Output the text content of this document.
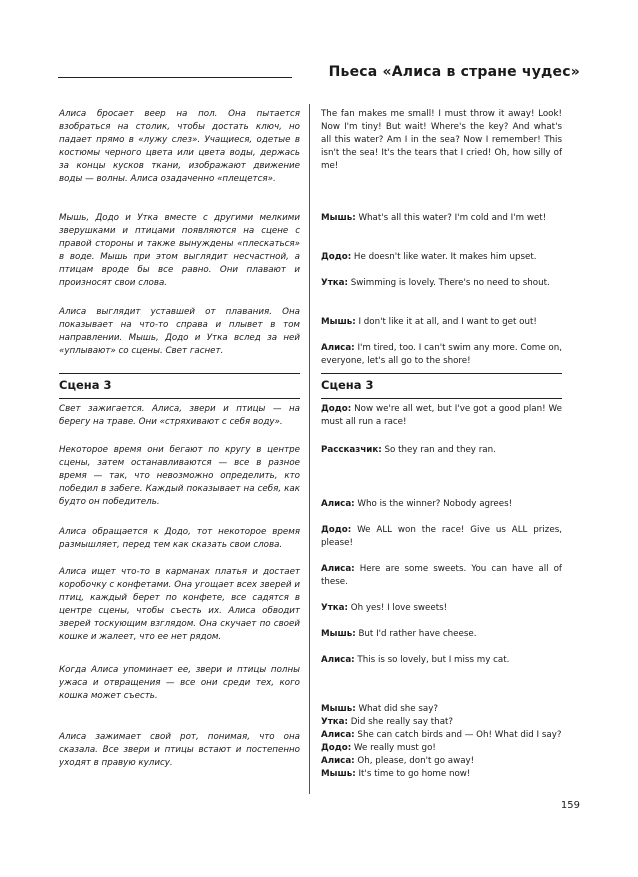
Пьеса «Алиса в стране чудес»

Алиса бросает веер на пол. Она пытается взобраться на столик, чтобы достать ключ, но падает прямо в «лужу слез». Учащиеся, одетые в костюмы черного цвета или цвета воды, держась за концы кусков ткани, изображают движение воды — волны. Алиса озадаченно «плещется».

Мышь, Додо и Утка вместе с другими мелкими зверушками и птицами появляются на сцене с правой стороны и также вынуждены «плескаться» в воде. Мышь при этом выглядит несчастной, а птицам вроде бы все равно. Они плавают и произносят свои слова.

Алиса выглядит уставшей от плавания. Она показывает на что-то справа и плывет в том направлении. Мышь, Додо и Утка вслед за ней «уплывают» со сцены. Свет гаснет.

Сцена 3

Свет зажигается. Алиса, звери и птицы — на берегу на траве. Они «стряхивают с себя воду».

Некоторое время они бегают по кругу в центре сцены, затем останавливаются — все в разное время — так, что невозможно определить, кто победил в забеге. Каждый показывает на себя, как будто он победитель.

Алиса обращается к Додо, тот некоторое время размышляет, перед тем как сказать свои слова.

Алиса ищет что-то в карманах платья и достает коробочку с конфетами. Она угощает всех зверей и птиц, каждый берет по конфете, все садятся в центре сцены, чтобы съесть их. Алиса обводит зверей тоскующим взглядом. Она скучает по своей кошке и жалеет, что ее нет рядом.

Когда Алиса упоминает ее, звери и птицы полны ужаса и отвращения — все они среди тех, кого кошка может съесть.

Алиса зажимает свой рот, понимая, что она сказала. Все звери и птицы встают и постепенно уходят в правую кулису.

The fan makes me small! I must throw it away! Look! Now I'm tiny! But wait! Where's the key? And what's all this water? Am I in the sea? Now I remember! This isn't the sea! It's the tears that I cried! Oh, how silly of me!

Мышь: What's all this water? I'm cold and I'm wet!

Додо: He doesn't like water. It makes him upset.

Утка: Swimming is lovely. There's no need to shout.

Мышь: I don't like it at all, and I want to get out!

Алиса: I'm tired, too. I can't swim any more. Come on, everyone, let's all go to the shore!

Сцена 3

Додо: Now we're all wet, but I've got a good plan! We must all run a race!

Рассказчик: So they ran and they ran.

Алиса: Who is the winner? Nobody agrees!

Додо: We ALL won the race! Give us ALL prizes, please!

Алиса: Here are some sweets. You can have all of these.

Утка: Oh yes! I love sweets!

Мышь: But I'd rather have cheese.

Алиса: This is so lovely, but I miss my cat.

Мышь: What did she say?

Утка: Did she really say that?

Алиса: She can catch birds and — Oh! What did I say?

Додо: We really must go!

Алиса: Oh, please, don't go away!

Мышь: It's time to go home now!

159
